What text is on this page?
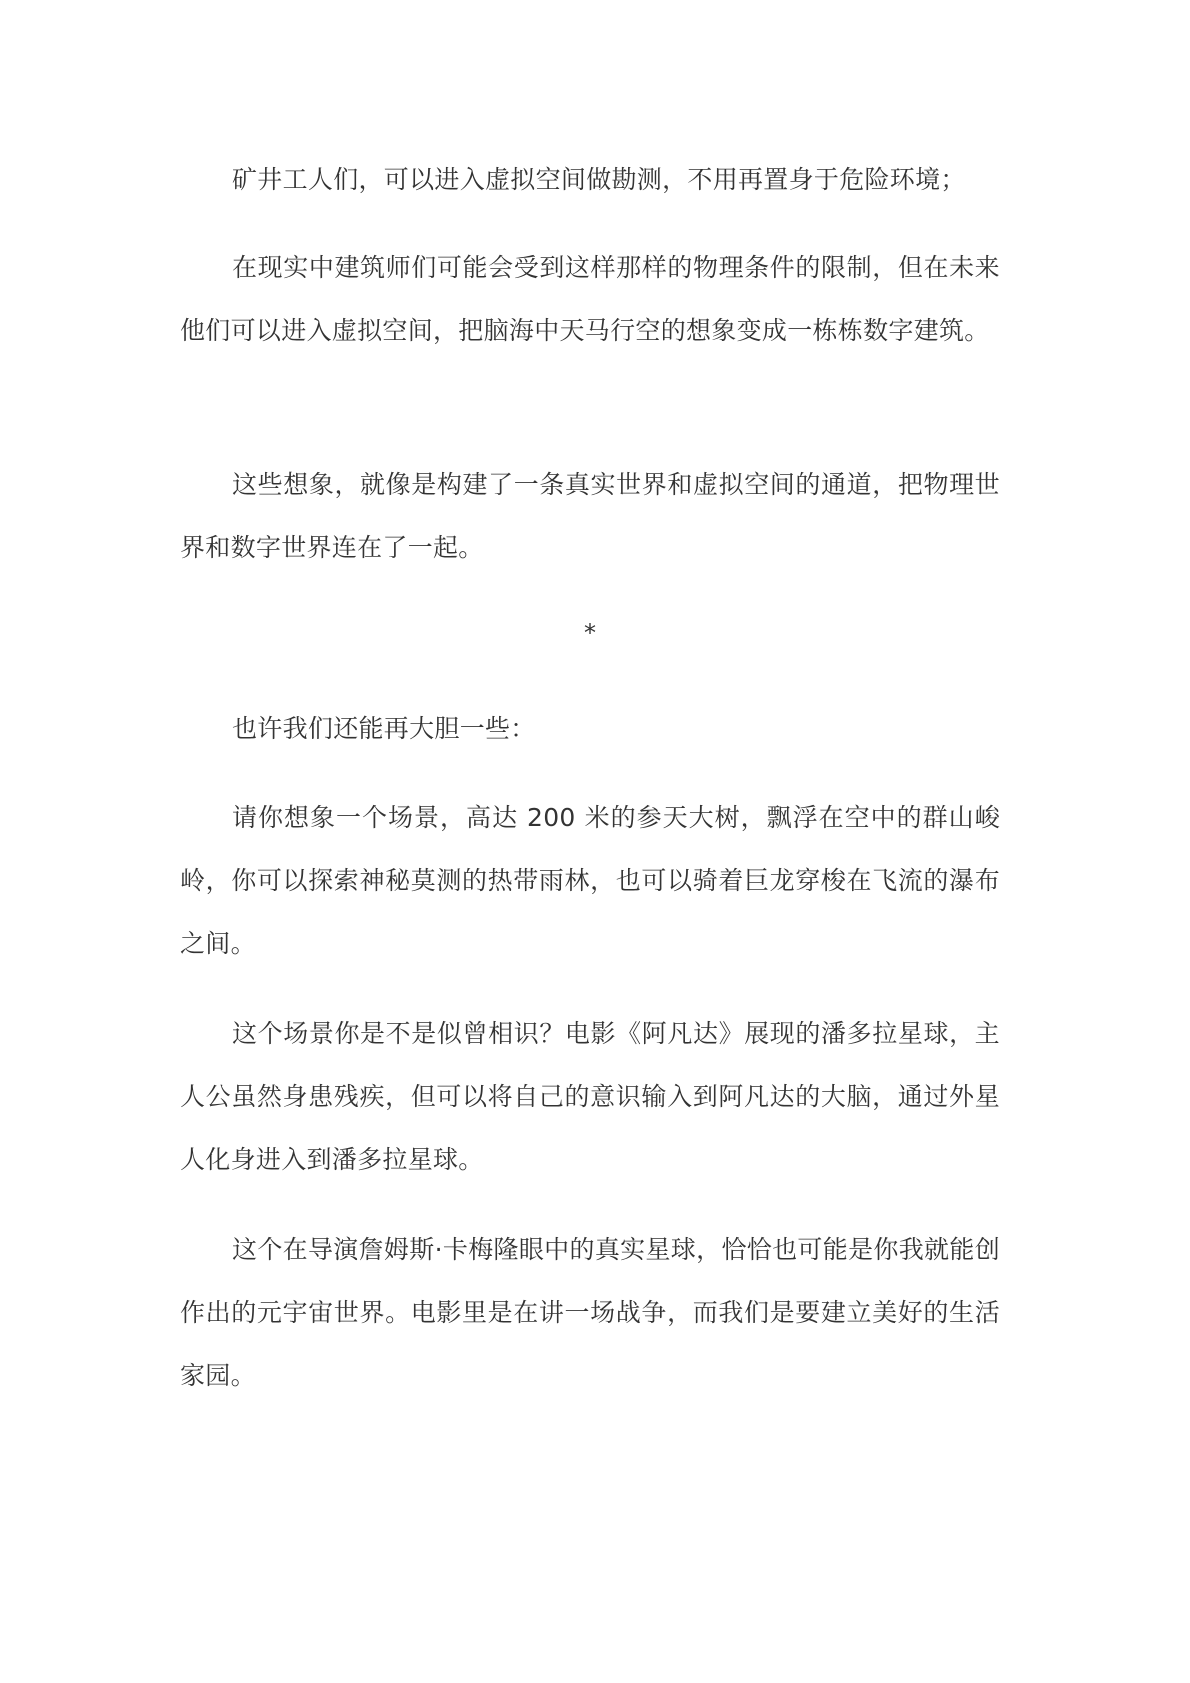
矿井工人们，可以进入虚拟空间做勘测，不用再置身于危险环境；

在现实中建筑师们可能会受到这样那样的物理条件的限制，但在未来他们可以进入虚拟空间，把脑海中天马行空的想象变成一栋栋数字建筑。

这些想象，就像是构建了一条真实世界和虚拟空间的通道，把物理世界和数字世界连在了一起。

*

也许我们还能再大胆一些：

请你想象一个场景，高达 200 米的参天大树，飘浮在空中的群山峻岭，你可以探索神秘莫测的热带雨林，也可以骑着巨龙穿梭在飞流的瀑布之间。

这个场景你是不是似曾相识？电影《阿凡达》展现的潘多拉星球，主人公虽然身患残疾，但可以将自己的意识输入到阿凡达的大脑，通过外星人化身进入到潘多拉星球。

这个在导演詹姆斯·卡梅隆眼中的真实星球，恰恰也可能是你我就能创作出的元宇宙世界。电影里是在讲一场战争，而我们是要建立美好的生活家园。
